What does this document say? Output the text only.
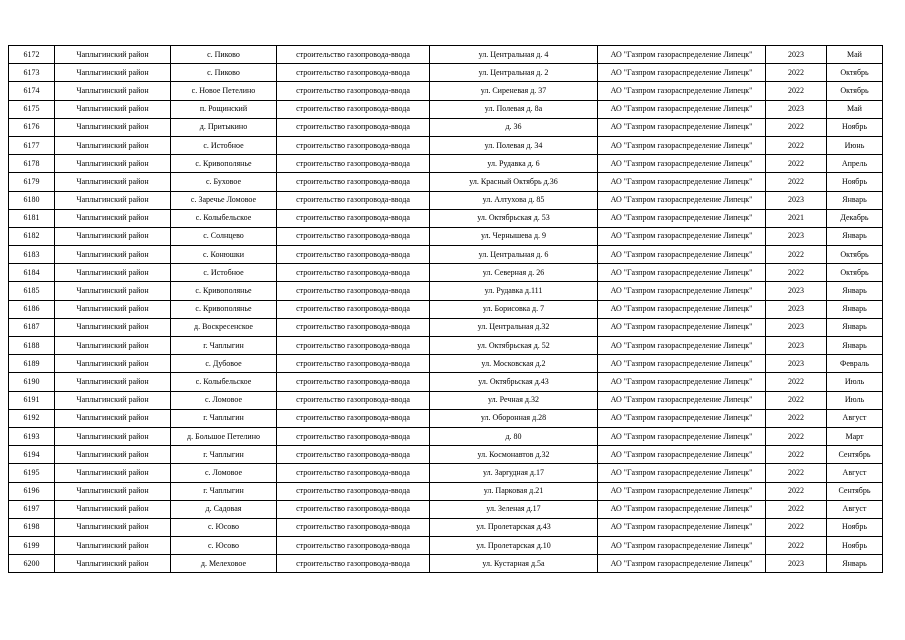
6172	Чаплыгинский район	с. Пиково	строительство газопровода-ввода	ул. Центральная д. 4	АО "Газпром газораспределение Липецк"	2023	Май
6173	Чаплыгинский район	с. Пиково	строительство газопровода-ввода	ул. Центральная д. 2	АО "Газпром газораспределение Липецк"	2022	Октябрь
6174	Чаплыгинский район	с. Новое Петелино	строительство газопровода-ввода	ул. Сиреневая д. 37	АО "Газпром газораспределение Липецк"	2022	Октябрь
6175	Чаплыгинский район	п. Рощинский	строительство газопровода-ввода	ул. Полевая д. 8а	АО "Газпром газораспределение Липецк"	2023	Май
6176	Чаплыгинский район	д. Притыкино	строительство газопровода-ввода	д. 36	АО "Газпром газораспределение Липецк"	2022	Ноябрь
6177	Чаплыгинский район	с. Истобное	строительство газопровода-ввода	ул. Полевая д. 34	АО "Газпром газораспределение Липецк"	2022	Июнь
6178	Чаплыгинский район	с. Кривополянье	строительство газопровода-ввода	ул. Рудавка д. 6	АО "Газпром газораспределение Липецк"	2022	Апрель
6179	Чаплыгинский район	с. Буховое	строительство газопровода-ввода	ул. Красный Октябрь д.36	АО "Газпром газораспределение Липецк"	2022	Ноябрь
6180	Чаплыгинский район	с. Заречье Ломовое	строительство газопровода-ввода	ул. Алтухова д. 85	АО "Газпром газораспределение Липецк"	2023	Январь
6181	Чаплыгинский район	с. Колыбельское	строительство газопровода-ввода	ул. Октябрьская д. 53	АО "Газпром газораспределение Липецк"	2021	Декабрь
6182	Чаплыгинский район	с. Солнцево	строительство газопровода-ввода	ул. Чернышева д. 9	АО "Газпром газораспределение Липецк"	2023	Январь
6183	Чаплыгинский район	с. Конюшки	строительство газопровода-ввода	ул. Центральная д. 6	АО "Газпром газораспределение Липецк"	2022	Октябрь
6184	Чаплыгинский район	с. Истобное	строительство газопровода-ввода	ул. Северная д. 26	АО "Газпром газораспределение Липецк"	2022	Октябрь
6185	Чаплыгинский район	с. Кривополянье	строительство газопровода-ввода	ул. Рудавка д.111	АО "Газпром газораспределение Липецк"	2023	Январь
6186	Чаплыгинский район	с. Кривополянье	строительство газопровода-ввода	ул. Борисовка д. 7	АО "Газпром газораспределение Липецк"	2023	Январь
6187	Чаплыгинский район	д. Воскресенское	строительство газопровода-ввода	ул. Центральная д.32	АО "Газпром газораспределение Липецк"	2023	Январь
6188	Чаплыгинский район	г. Чаплыгин	строительство газопровода-ввода	ул. Октябрьская д. 52	АО "Газпром газораспределение Липецк"	2023	Январь
6189	Чаплыгинский район	с. Дубовое	строительство газопровода-ввода	ул. Московская д.2	АО "Газпром газораспределение Липецк"	2023	Февраль
6190	Чаплыгинский район	с. Колыбельское	строительство газопровода-ввода	ул. Октябрьская д.43	АО "Газпром газораспределение Липецк"	2022	Июль
6191	Чаплыгинский район	с. Ломовое	строительство газопровода-ввода	ул. Речная д.32	АО "Газпром газораспределение Липецк"	2022	Июль
6192	Чаплыгинский район	г. Чаплыгин	строительство газопровода-ввода	ул. Оборонная д.28	АО "Газпром газораспределение Липецк"	2022	Август
6193	Чаплыгинский район	д. Большое Петелино	строительство газопровода-ввода	д. 80	АО "Газпром газораспределение Липецк"	2022	Март
6194	Чаплыгинский район	г. Чаплыгин	строительство газопровода-ввода	ул. Космонавтов д.32	АО "Газпром газораспределение Липецк"	2022	Сентябрь
6195	Чаплыгинский район	с. Ломовое	строительство газопровода-ввода	ул. Заprудная д.17	АО "Газпром газораспределение Липецк"	2022	Август
6196	Чаплыгинский район	г. Чаплыгин	строительство газопровода-ввода	ул. Парковая д.21	АО "Газпром газораспределение Липецк"	2022	Сентябрь
6197	Чаплыгинский район	д. Садовая	строительство газопровода-ввода	ул. Зеленая д.17	АО "Газпром газораспределение Липецк"	2022	Август
6198	Чаплыгинский район	с. Юсово	строительство газопровода-ввода	ул. Пролетарская д.43	АО "Газпром газораспределение Липецк"	2022	Ноябрь
6199	Чаплыгинский район	с. Юсово	строительство газопровода-ввода	ул. Пролетарская д.10	АО "Газпром газораспределение Липецк"	2022	Ноябрь
6200	Чаплыгинский район	д. Мелеховое	строительство газопровода-ввода	ул. Кустарная д.5а	АО "Газпром газораспределение Липецк"	2023	Январь
